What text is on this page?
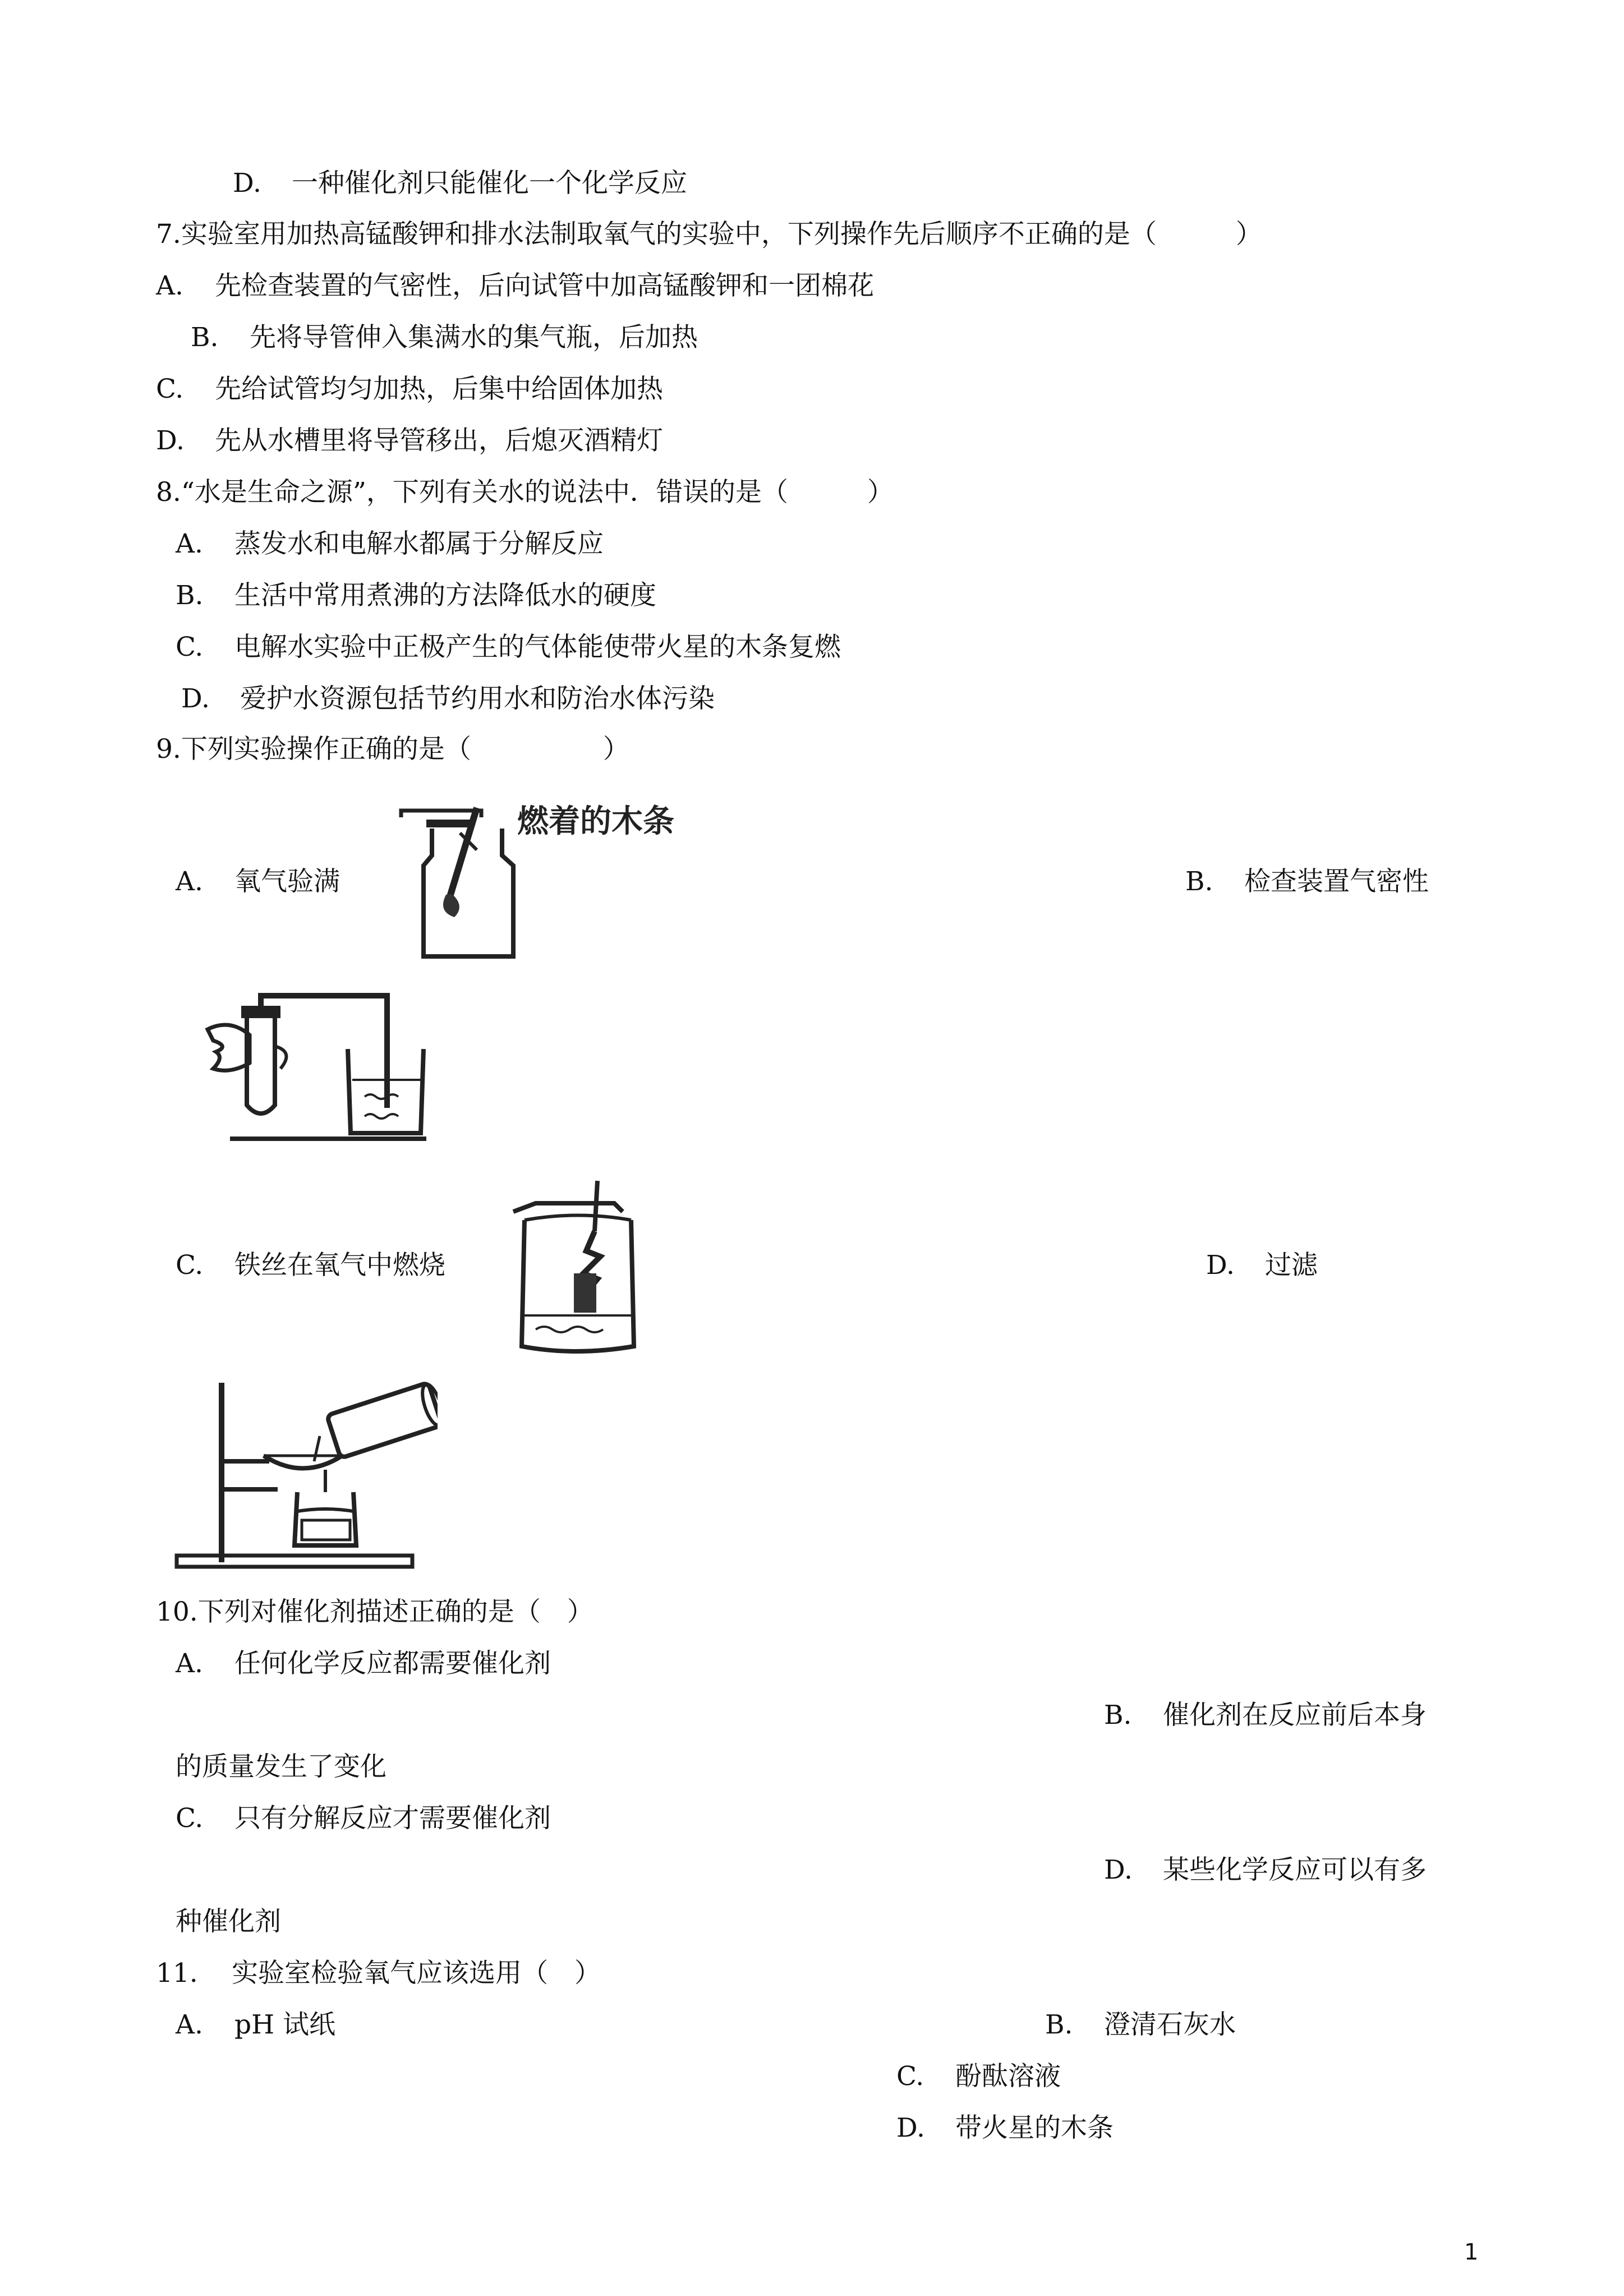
D. 一种催化剂只能催化一个化学反应
7.实验室用加热高锰酸钾和排水法制取氧气的实验中，下列操作先后顺序不正确的是（　　　）
A. 先检查装置的气密性，后向试管中加高锰酸钾和一团棉花
B. 先将导管伸入集满水的集气瓶，后加热
C. 先给试管均匀加热，后集中给固体加热
D. 先从水槽里将导管移出，后熄灭酒精灯
8.“水是生命之源”，下列有关水的说法中．错误的是（　　　）
A. 蒸发水和电解水都属于分解反应
B. 生活中常用煮沸的方法降低水的硬度
C. 电解水实验中正极产生的气体能使带火星的木条复燃
D. 爱护水资源包括节约用水和防治水体污染
9.下列实验操作正确的是（　　　　　）
A. 氧气验满
燃着的木条
B. 检查装置气密性
C. 铁丝在氧气中燃烧	D. 过滤
10.下列对催化剂描述正确的是（　）
A. 任何化学反应都需要催化剂
B. 催化剂在反应前后本身
的质量发生了变化
C. 只有分解反应才需要催化剂
D. 某些化学反应可以有多
种催化剂
11. 实验室检验氧气应该选用（　）
A. pH 试纸	B. 澄清石灰水
C. 酚酞溶液
D. 带火星的木条
1
